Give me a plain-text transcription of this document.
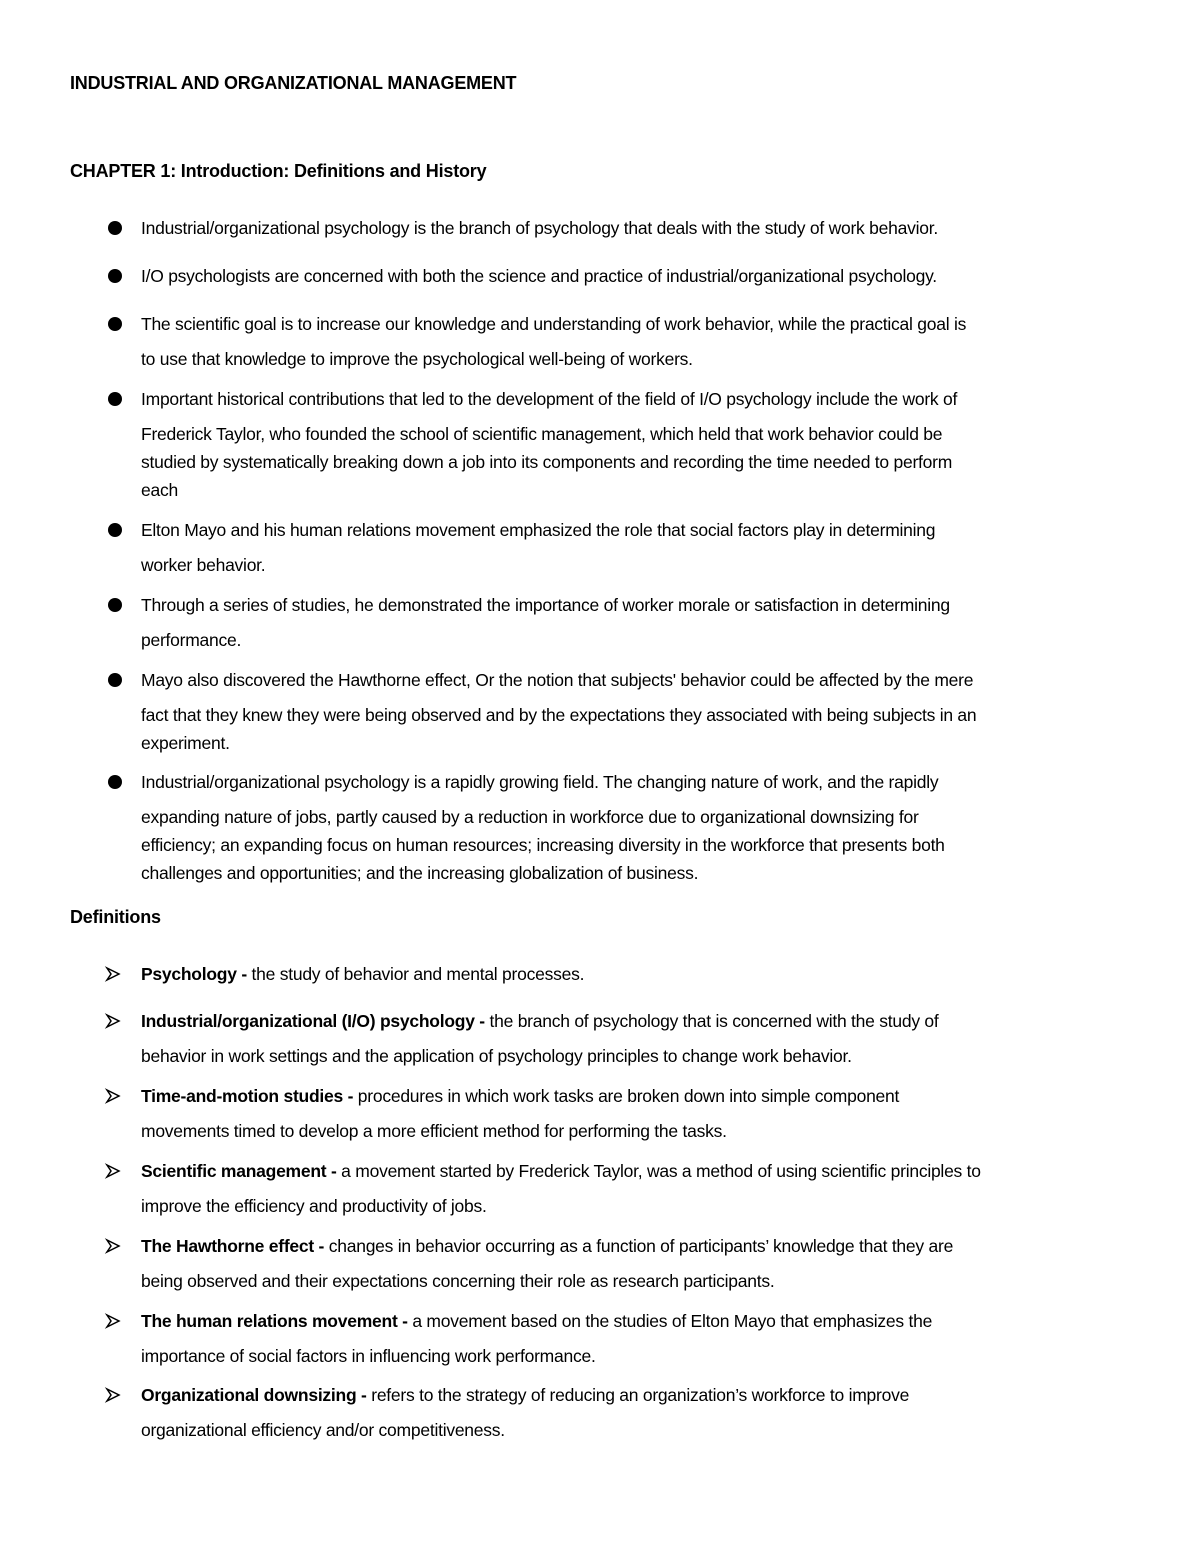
INDUSTRIAL AND ORGANIZATIONAL MANAGEMENT
CHAPTER 1: Introduction: Definitions and History
Industrial/organizational psychology is the branch of psychology that deals with the study of work behavior.
I/O psychologists are concerned with both the science and practice of industrial/organizational psychology.
The scientific goal is to increase our knowledge and understanding of work behavior, while the practical goal is
to use that knowledge to improve the psychological well-being of workers.
Important historical contributions that led to the development of the field of I/O psychology include the work of
Frederick Taylor, who founded the school of scientific management, which held that work behavior could be
studied by systematically breaking down a job into its components and recording the time needed to perform
each
Elton Mayo and his human relations movement emphasized the role that social factors play in determining
worker behavior.
Through a series of studies, he demonstrated the importance of worker morale or satisfaction in determining
performance.
Mayo also discovered the Hawthorne effect, Or the notion that subjects' behavior could be affected by the mere
fact that they knew they were being observed and by the expectations they associated with being subjects in an
experiment.
Industrial/organizational psychology is a rapidly growing field. The changing nature of work, and the rapidly
expanding nature of jobs, partly caused by a reduction in workforce due to organizational downsizing for
efficiency; an expanding focus on human resources; increasing diversity in the workforce that presents both
challenges and opportunities; and the increasing globalization of business.
Definitions
Psychology - the study of behavior and mental processes.
Industrial/organizational (I/O) psychology - the branch of psychology that is concerned with the study of
behavior in work settings and the application of psychology principles to change work behavior.
Time-and-motion studies - procedures in which work tasks are broken down into simple component
movements timed to develop a more efficient method for performing the tasks.
Scientific management - a movement started by Frederick Taylor, was a method of using scientific principles to
improve the efficiency and productivity of jobs.
The Hawthorne effect - changes in behavior occurring as a function of participants’ knowledge that they are
being observed and their expectations concerning their role as research participants.
The human relations movement - a movement based on the studies of Elton Mayo that emphasizes the
importance of social factors in influencing work performance.
Organizational downsizing - refers to the strategy of reducing an organization’s workforce to improve
organizational efficiency and/or competitiveness.
